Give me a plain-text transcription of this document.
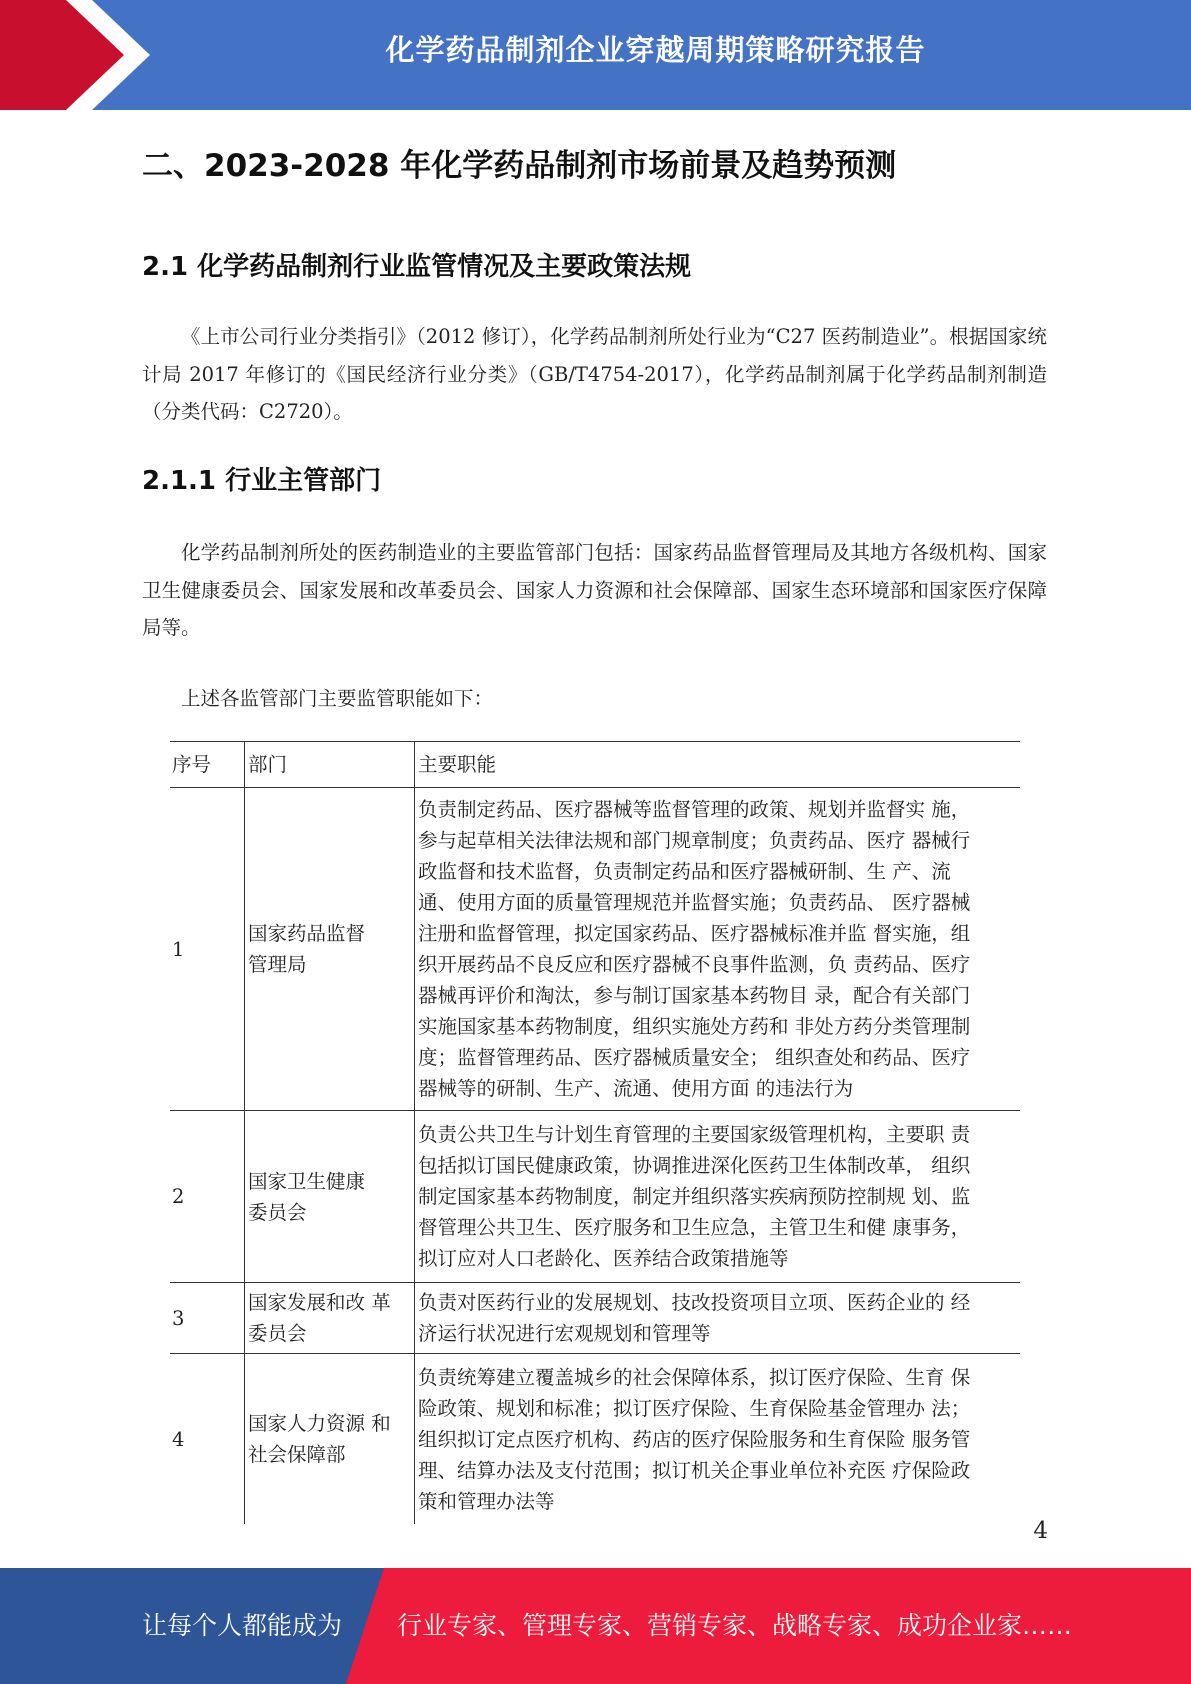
化学药品制剂企业穿越周期策略研究报告
二、2023-2028 年化学药品制剂市场前景及趋势预测
2.1 化学药品制剂行业监管情况及主要政策法规
《上市公司行业分类指引》（2012 修订），化学药品制剂所处行业为“C27 医药制造业”。根据国家统计局 2017 年修订的《国民经济行业分类》（GB/T4754-2017），化学药品制剂属于化学药品制剂制造（分类代码：C2720）。
2.1.1 行业主管部门
化学药品制剂所处的医药制造业的主要监管部门包括：国家药品监督管理局及其地方各级机构、国家卫生健康委员会、国家发展和改革委员会、国家人力资源和社会保障部、国家生态环境部和国家医疗保障局等。
上述各监管部门主要监管职能如下：
序号	部门	主要职能
1
国家药品监督
管理局
负责制定药品、医疗器械等监督管理的政策、规划并监督实 施，
参与起草相关法律法规和部门规章制度；负责药品、医疗 器械行
政监督和技术监督，负责制定药品和医疗器械研制、生 产、流
通、使用方面的质量管理规范并监督实施；负责药品、 医疗器械
注册和监督管理，拟定国家药品、医疗器械标准并监 督实施，组
织开展药品不良反应和医疗器械不良事件监测，负 责药品、医疗
器械再评价和淘汰，参与制订国家基本药物目 录，配合有关部门
实施国家基本药物制度，组织实施处方药和 非处方药分类管理制
度；监督管理药品、医疗器械质量安全； 组织查处和药品、医疗
器械等的研制、生产、流通、使用方面 的违法行为
2
国家卫生健康
委员会
负责公共卫生与计划生育管理的主要国家级管理机构，主要职 责
包括拟订国民健康政策，协调推进深化医药卫生体制改革， 组织
制定国家基本药物制度，制定并组织落实疾病预防控制规 划、监
督管理公共卫生、医疗服务和卫生应急，主管卫生和健 康事务，
拟订应对人口老龄化、医养结合政策措施等
3
国家发展和改 革
委员会
负责对医药行业的发展规划、技改投资项目立项、医药企业的 经
济运行状况进行宏观规划和管理等
4
国家人力资源 和
社会保障部
负责统筹建立覆盖城乡的社会保障体系，拟订医疗保险、生育 保
险政策、规划和标准；拟订医疗保险、生育保险基金管理办 法；
组织拟订定点医疗机构、药店的医疗保险服务和生育保险 服务管
理、结算办法及支付范围；拟订机关企事业单位补充医 疗保险政
策和管理办法等
4
让每个人都能成为 行业专家、管理专家、营销专家、战略专家、成功企业家……
